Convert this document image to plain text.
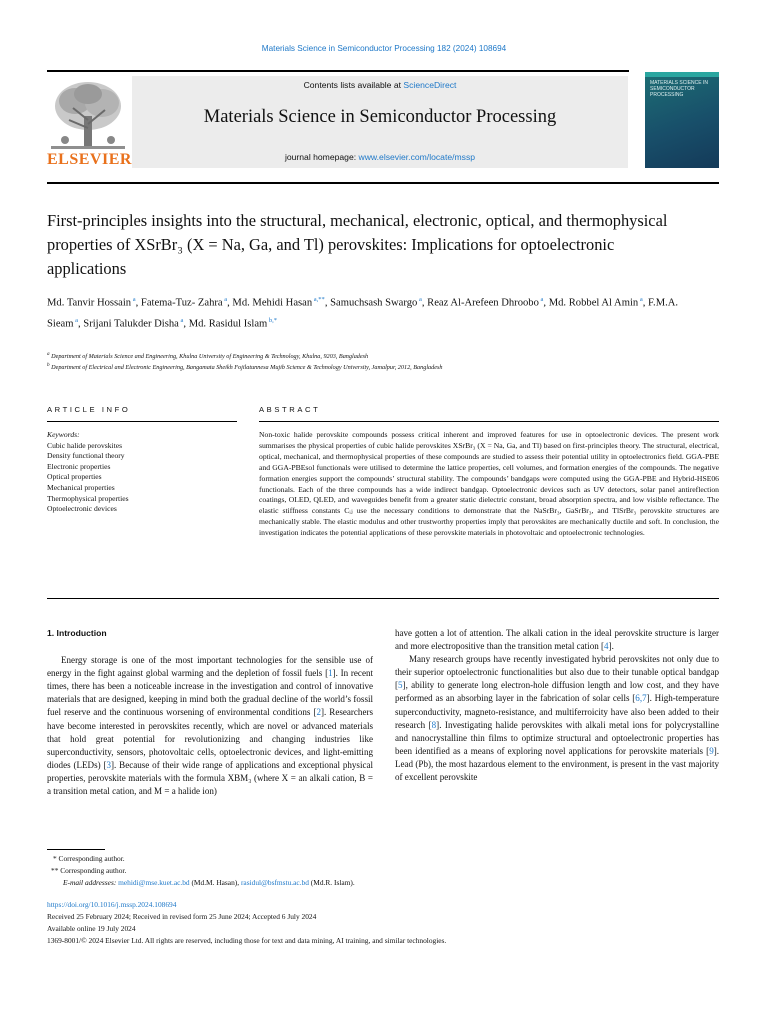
Materials Science in Semiconductor Processing 182 (2024) 108694
ELSEVIER
Contents lists available at ScienceDirect
Materials Science in Semiconductor Processing
journal homepage: www.elsevier.com/locate/mssp
MATERIALS SCIENCE IN SEMICONDUCTOR PROCESSING
First-principles insights into the structural, mechanical, electronic, optical, and thermophysical properties of XSrBr₃ (X = Na, Ga, and Tl) perovskites: Implications for optoelectronic applications
Md. Tanvir Hossain $^a$, Fatema-Tuz- Zahra $^a$, Md. Mehidi Hasan $^{a,**}$, Samuchsash Swargo $^a$, Reaz Al-Arefeen Dhroobo $^a$, Md. Robbel Al Amin $^a$, F.M.A. Sieam $^a$, Srijani Talukder Disha $^a$, Md. Rasidul Islam $^{b,*}$
$^a$ Department of Materials Science and Engineering, Khulna University of Engineering & Technology, Khulna, 9203, Bangladesh
$^b$ Department of Electrical and Electronic Engineering, Bangamata Sheikh Fojilatunnesa Mujib Science & Technology University, Jamalpur, 2012, Bangladesh
ARTICLE INFO	ABSTRACT
Keywords:
Cubic halide perovskites
Density functional theory
Electronic properties
Optical properties
Mechanical properties
Thermophysical properties
Optoelectronic devices
Non-toxic halide perovskite compounds possess critical inherent and improved features for use in optoelectronic devices. The present work summarises the physical properties of cubic halide perovskites XSrBr₃ (X = Na, Ga, and Tl) based on first-principles theory. The structural, electrical, optical, mechanical, and thermophysical properties of these compounds are studied to assess their potential utility in optoelectronics field. GGA-PBE and GGA-PBEsol functionals were utilised to determine the lattice properties, cell volumes, and formation energies of the compounds. The negative formation energies support the compounds’ structural stability. The compounds’ bandgaps were computed using the GGA-PBE and Hybrid-HSE06 functionals. Each of the three compounds has a wide indirect bandgap. Optoelectronic devices such as UV detectors, solar panel antireflection coatings, OLED, QLED, and waveguides benefit from a greater static dielectric constant, broad absorption spectra, and low visible reflectance. The elastic stiffness constants Cᵢⱼ use the necessary conditions to demonstrate that the NaSrBr₃, GaSrBr₃, and TlSrBr₃ perovskite structures are mechanically stable. The elastic modulus and other trustworthy properties imply that perovskites are mechanically ductile and soft. In conclusion, the investigation indicates the potential applications of these perovskite materials in photovoltaic and optoelectronic technologies.
1. Introduction

Energy storage is one of the most important technologies for the sensible use of energy in the fight against global warming and the depletion of fossil fuels [1]. In recent times, there has been a noticeable increase in the investigation and control of innovative materials that are designed, keeping in mind both the gradual decline of the world’s fossil fuel reserve and the continuous worsening of environmental conditions [2]. Researchers have become interested in perovskites recently, which are novel or advanced materials that hold great potential for revolutionizing and changing industries like superconductivity, sensors, photovoltaic cells, optoelectronic devices, and light-emitting diodes (LEDs) [3]. Because of their wide range of applications and exceptional physical properties, perovskite materials with the formula XBM₃ (where X = an alkali cation, B = a transition metal cation, and M = a halide ion)

have gotten a lot of attention. The alkali cation in the ideal perovskite structure is larger and more electropositive than the transition metal cation [4].

Many research groups have recently investigated hybrid perovskites not only due to their superior optoelectronic functionalities but also due to their tunable optical bandgap [5], ability to generate long electron-hole diffusion length and low cost, and they have performed as an absorbing layer in the fabrication of solar cells [6,7]. High-temperature superconductivity, magneto-resistance, and multiferroicity have also been added to their research [8]. Investigating halide perovskites with alkali metal ions for polycrystalline and nanocrystalline thin films to optimize structural and optoelectronic properties has been identified as a means of exploring novel applications for perovskite materials [9]. Lead (Pb), the most hazardous element to the environment, is present in the vast majority of excellent perovskite

* Corresponding author.
** Corresponding author.
E-mail addresses: mehidi@mse.kuet.ac.bd (Md.M. Hasan), rasidul@bsfmstu.ac.bd (Md.R. Islam).
https://doi.org/10.1016/j.mssp.2024.108694
Received 25 February 2024; Received in revised form 25 June 2024; Accepted 6 July 2024
Available online 19 July 2024
1369-8001/© 2024 Elsevier Ltd. All rights are reserved, including those for text and data mining, AI training, and similar technologies.
